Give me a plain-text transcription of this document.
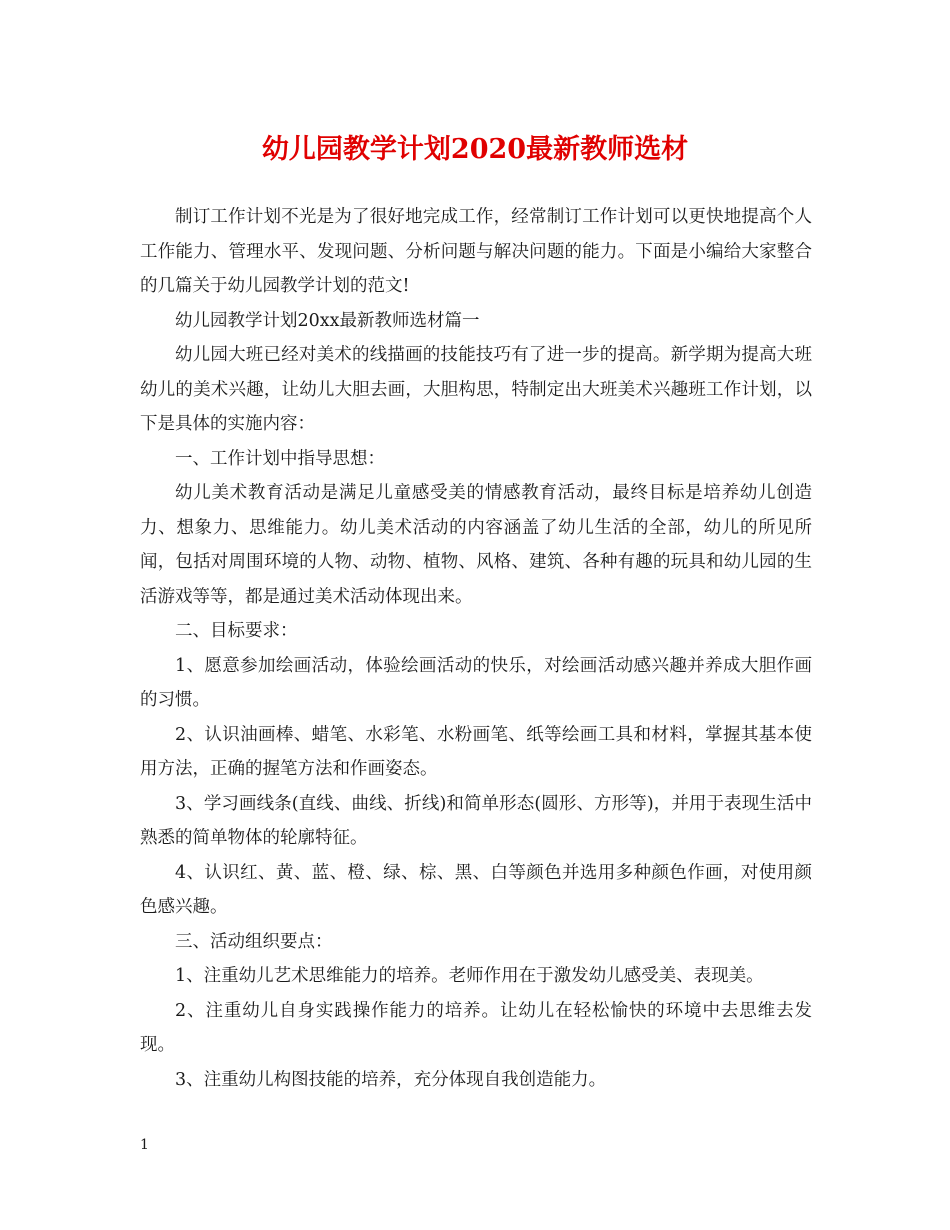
幼儿园教学计划2020最新教师选材

制订工作计划不光是为了很好地完成工作，经常制订工作计划可以更快地提高个人工作能力、管理水平、发现问题、分析问题与解决问题的能力。下面是小编给大家整合的几篇关于幼儿园教学计划的范文!

幼儿园教学计划20xx最新教师选材篇一

幼儿园大班已经对美术的线描画的技能技巧有了进一步的提高。新学期为提高大班幼儿的美术兴趣，让幼儿大胆去画，大胆构思，特制定出大班美术兴趣班工作计划，以下是具体的实施内容：

一、工作计划中指导思想：

幼儿美术教育活动是满足儿童感受美的情感教育活动，最终目标是培养幼儿创造力、想象力、思维能力。幼儿美术活动的内容涵盖了幼儿生活的全部，幼儿的所见所闻，包括对周围环境的人物、动物、植物、风格、建筑、各种有趣的玩具和幼儿园的生活游戏等等，都是通过美术活动体现出来。

二、目标要求：

1、愿意参加绘画活动，体验绘画活动的快乐，对绘画活动感兴趣并养成大胆作画的习惯。

2、认识油画棒、蜡笔、水彩笔、水粉画笔、纸等绘画工具和材料，掌握其基本使用方法，正确的握笔方法和作画姿态。

3、学习画线条(直线、曲线、折线)和简单形态(圆形、方形等)，并用于表现生活中熟悉的简单物体的轮廓特征。

4、认识红、黄、蓝、橙、绿、棕、黑、白等颜色并选用多种颜色作画，对使用颜色感兴趣。

三、活动组织要点：

1、注重幼儿艺术思维能力的培养。老师作用在于激发幼儿感受美、表现美。

2、注重幼儿自身实践操作能力的培养。让幼儿在轻松愉快的环境中去思维去发现。

3、注重幼儿构图技能的培养，充分体现自我创造能力。

1
